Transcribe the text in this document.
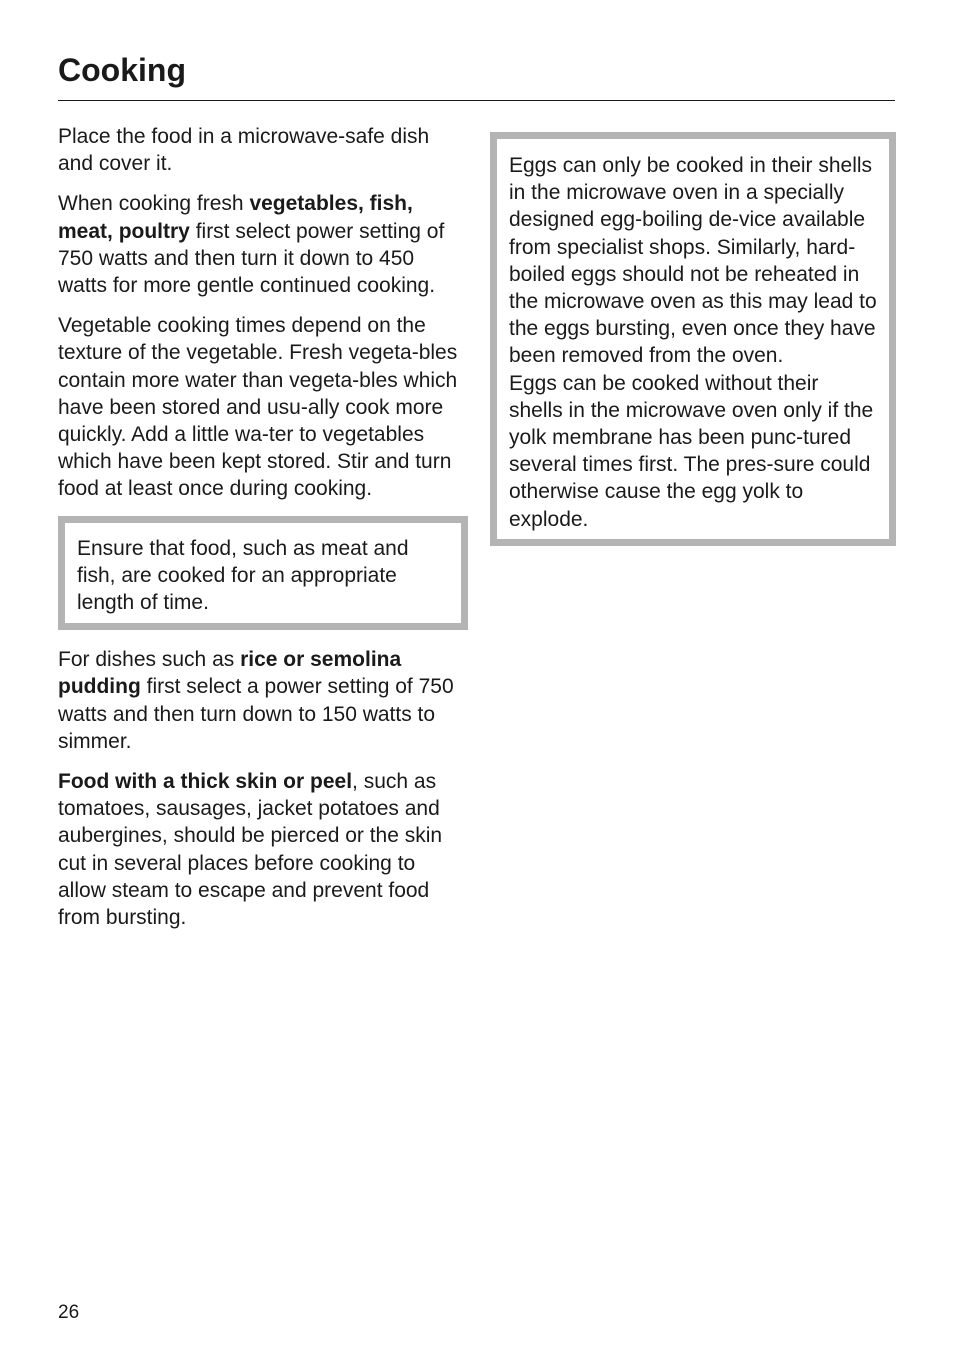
Cooking

Place the food in a microwave-safe dish and cover it.

When cooking fresh vegetables, fish, meat, poultry first select power setting of 750 watts and then turn it down to 450 watts for more gentle continued cooking.

Vegetable cooking times depend on the texture of the vegetable. Fresh vegeta-bles contain more water than vegeta-bles which have been stored and usu-ally cook more quickly. Add a little wa-ter to vegetables which have been kept stored. Stir and turn food at least once during cooking.

Ensure that food, such as meat and fish, are cooked for an appropriate length of time.

For dishes such as rice or semolina pudding first select a power setting of 750 watts and then turn down to 150 watts to simmer.

Food with a thick skin or peel, such as tomatoes, sausages, jacket potatoes and aubergines, should be pierced or the skin cut in several places before cooking to allow steam to escape and prevent food from bursting.

Eggs can only be cooked in their shells in the microwave oven in a specially designed egg-boiling de-vice available from specialist shops. Similarly, hard-boiled eggs should not be reheated in the microwave oven as this may lead to the eggs bursting, even once they have been removed from the oven.

Eggs can be cooked without their shells in the microwave oven only if the yolk membrane has been punc-tured several times first. The pres-sure could otherwise cause the egg yolk to explode.

26
